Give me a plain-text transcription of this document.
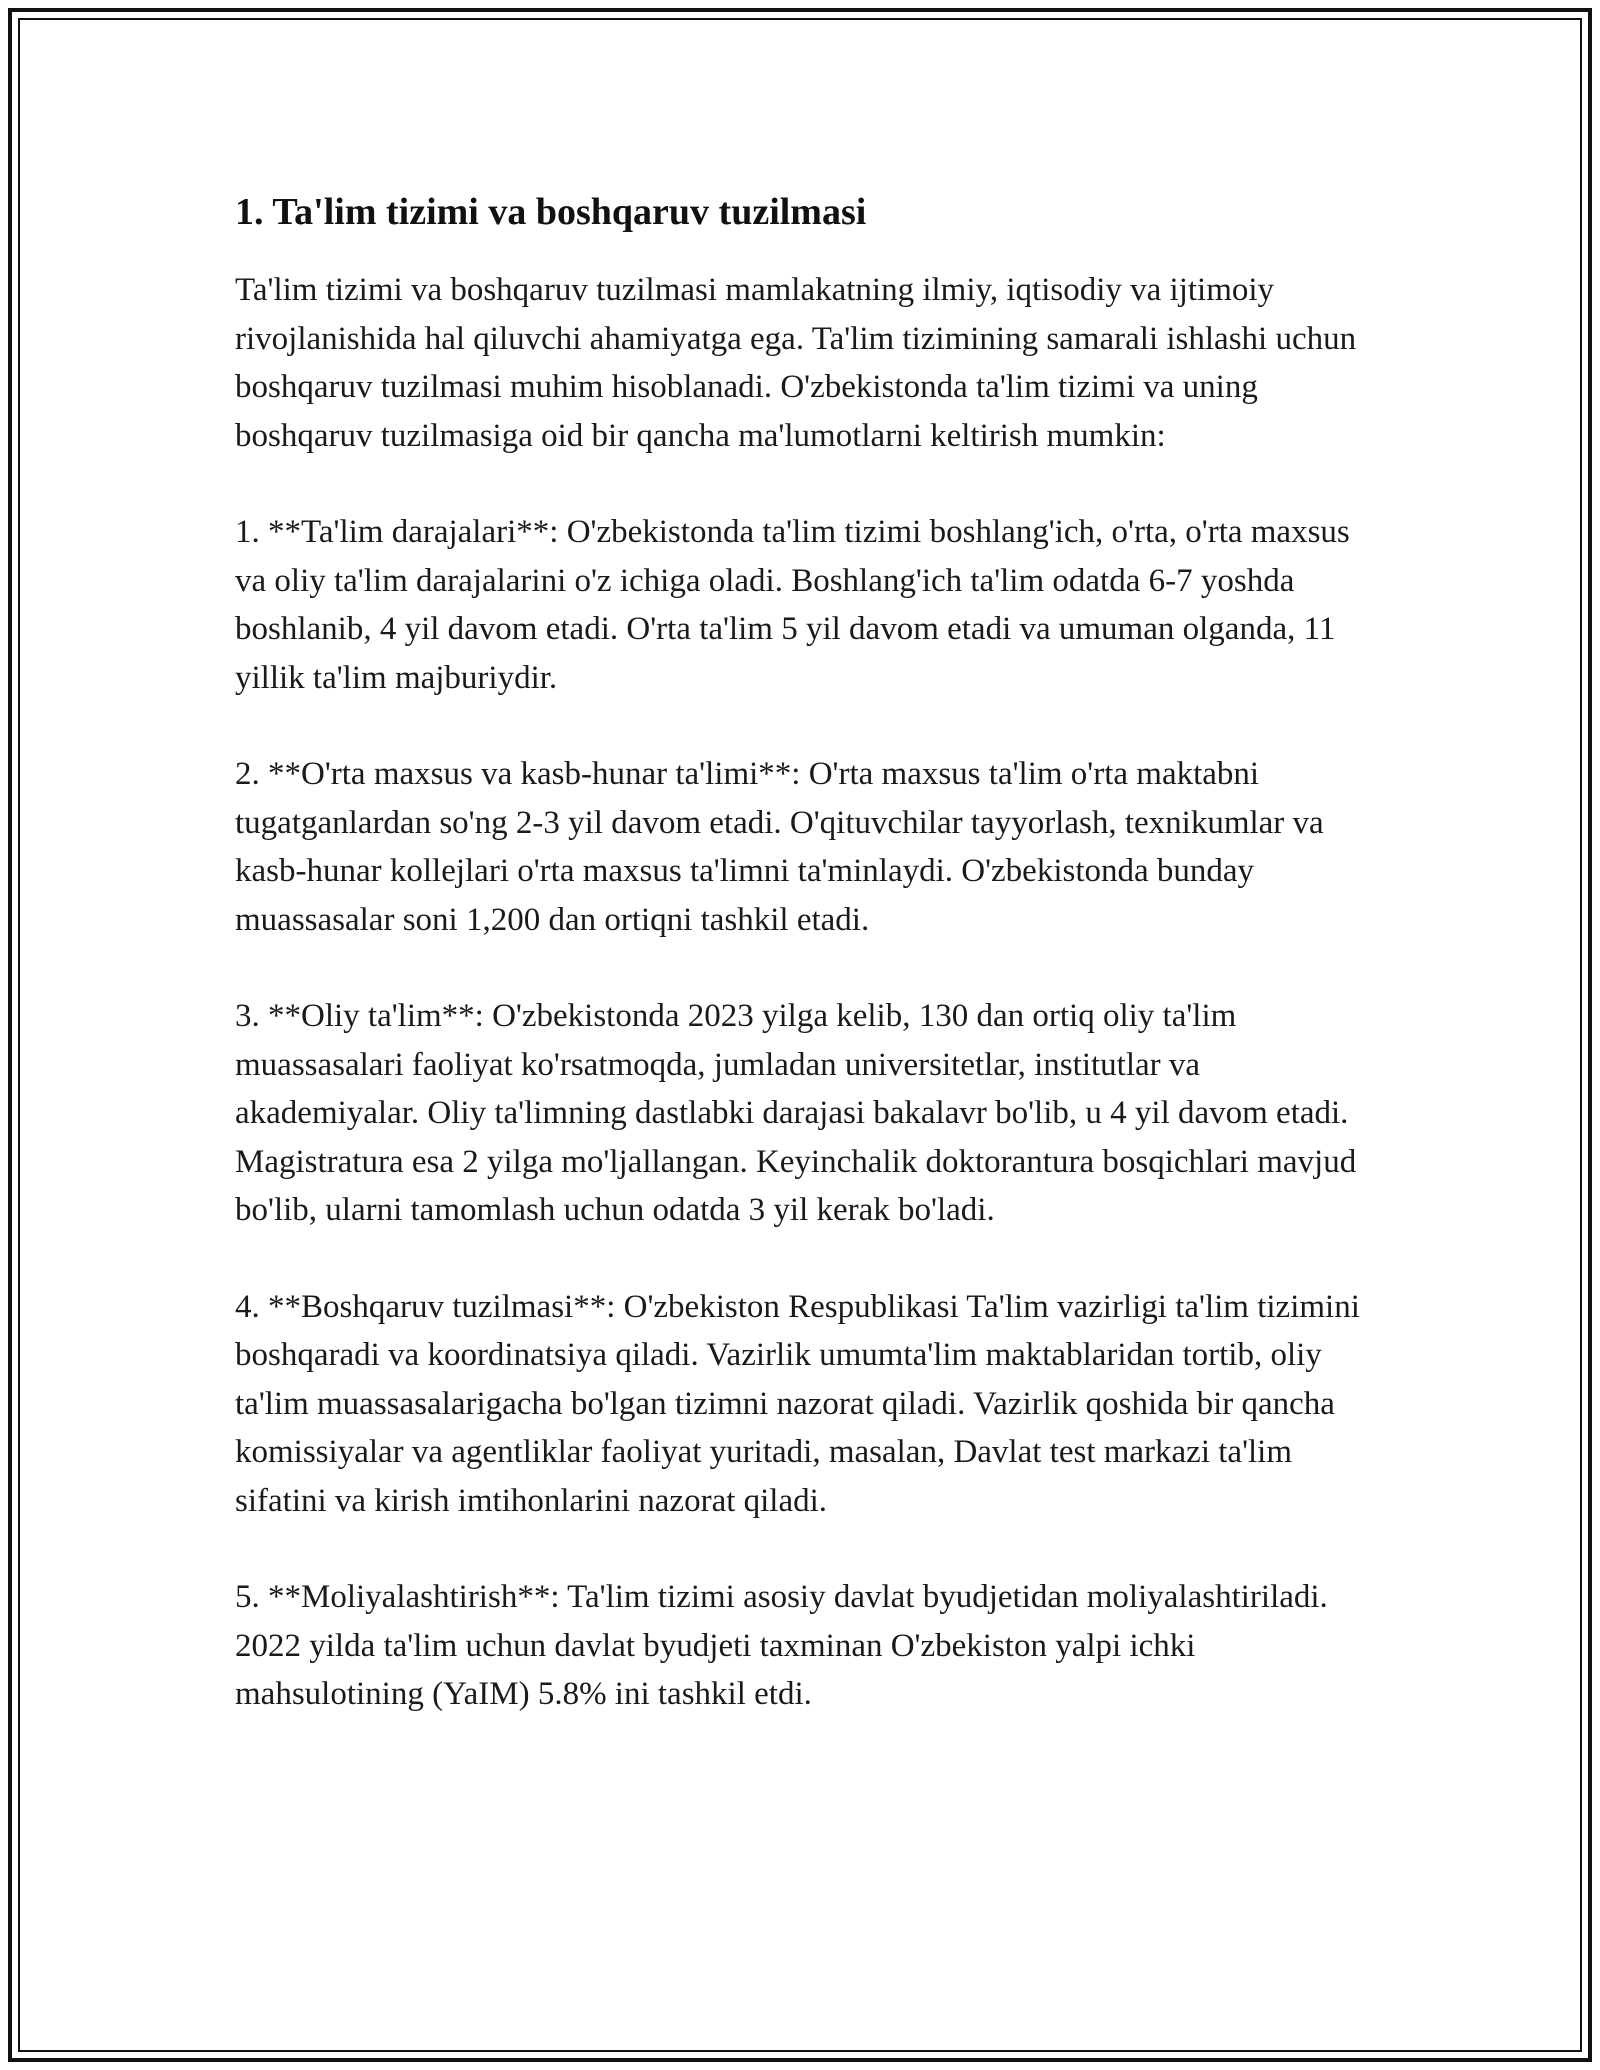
1. Ta'lim tizimi va boshqaruv tuzilmasi

Ta'lim tizimi va boshqaruv tuzilmasi mamlakatning ilmiy, iqtisodiy va ijtimoiy rivojlanishida hal qiluvchi ahamiyatga ega. Ta'lim tizimining samarali ishlashi uchun boshqaruv tuzilmasi muhim hisoblanadi. O'zbekistonda ta'lim tizimi va uning boshqaruv tuzilmasiga oid bir qancha ma'lumotlarni keltirish mumkin:

1. **Ta'lim darajalari**: O'zbekistonda ta'lim tizimi boshlang'ich, o'rta, o'rta maxsus va oliy ta'lim darajalarini o'z ichiga oladi. Boshlang'ich ta'lim odatda 6-7 yoshda boshlanib, 4 yil davom etadi. O'rta ta'lim 5 yil davom etadi va umuman olganda, 11 yillik ta'lim majburiydir.

2. **O'rta maxsus va kasb-hunar ta'limi**: O'rta maxsus ta'lim o'rta maktabni tugatganlardan so'ng 2-3 yil davom etadi. O'qituvchilar tayyorlash, texnikumlar va kasb-hunar kollejlari o'rta maxsus ta'limni ta'minlaydi. O'zbekistonda bunday muassasalar soni 1,200 dan ortiqni tashkil etadi.

3. **Oliy ta'lim**: O'zbekistonda 2023 yilga kelib, 130 dan ortiq oliy ta'lim muassasalari faoliyat ko'rsatmoqda, jumladan universitetlar, institutlar va akademiyalar. Oliy ta'limning dastlabki darajasi bakalavr bo'lib, u 4 yil davom etadi. Magistratura esa 2 yilga mo'ljallangan. Keyinchalik doktorantura bosqichlari mavjud bo'lib, ularni tamomlash uchun odatda 3 yil kerak bo'ladi.

4. **Boshqaruv tuzilmasi**: O'zbekiston Respublikasi Ta'lim vazirligi ta'lim tizimini boshqaradi va koordinatsiya qiladi. Vazirlik umumta'lim maktablaridan tortib, oliy ta'lim muassasalarigacha bo'lgan tizimni nazorat qiladi. Vazirlik qoshida bir qancha komissiyalar va agentliklar faoliyat yuritadi, masalan, Davlat test markazi ta'lim sifatini va kirish imtihonlarini nazorat qiladi.

5. **Moliyalashtirish**: Ta'lim tizimi asosiy davlat byudjetidan moliyalashtiriladi. 2022 yilda ta'lim uchun davlat byudjeti taxminan O'zbekiston yalpi ichki mahsulotining (YaIM) 5.8% ini tashkil etdi.
